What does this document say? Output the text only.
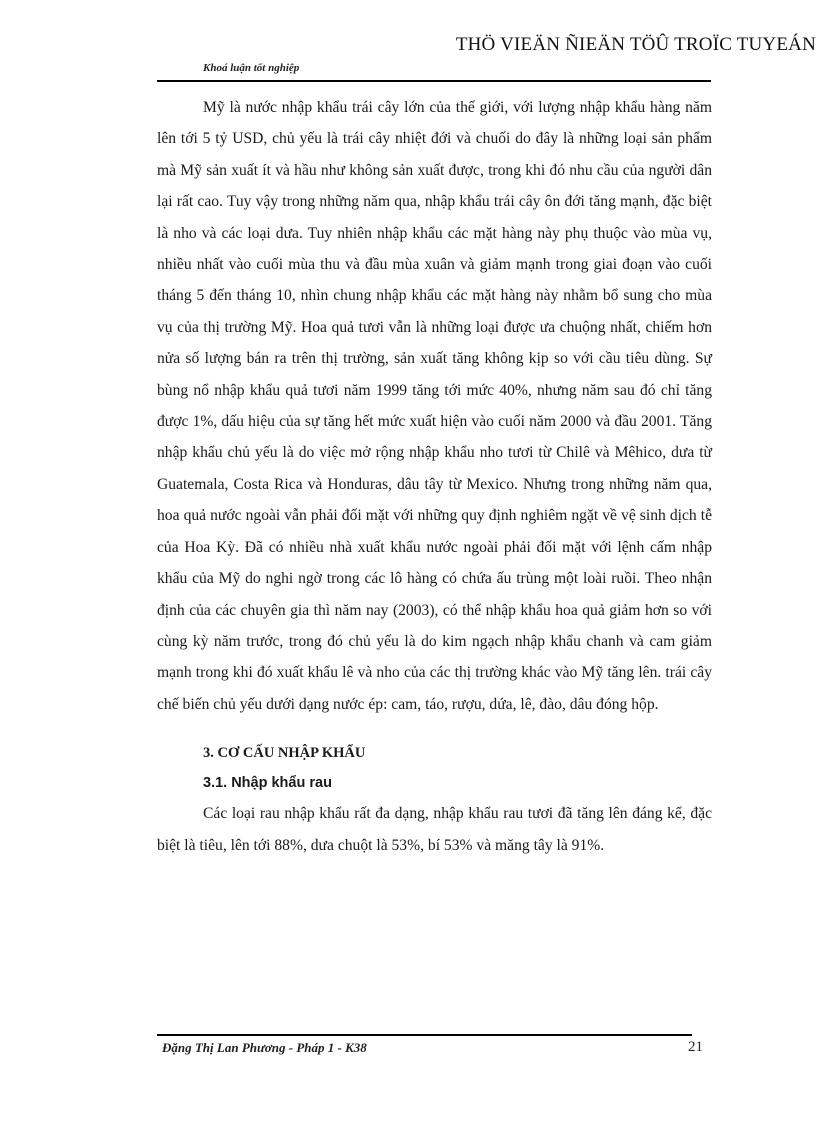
THÖ VIEÄN ÑIEÄN TÖÛ TROÏC TUYEÁN
Khoá luận tốt nghiệp

Mỹ là nước nhập khẩu trái cây lớn của thế giới, với lượng nhập khẩu hàng năm lên tới 5 tỷ USD, chủ yếu là trái cây nhiệt đới và chuối do đây là những loại sản phẩm mà Mỹ sản xuất ít và hầu như không sản xuất được, trong khi đó nhu cầu của người dân lại rất cao. Tuy vậy trong những năm qua, nhập khẩu trái cây ôn đới tăng mạnh, đặc biệt là nho và các loại dưa. Tuy nhiên nhập khẩu các mặt hàng này phụ thuộc vào mùa vụ, nhiều nhất vào cuối mùa thu và đầu mùa xuân và giảm mạnh trong giai đoạn vào cuối tháng 5 đến tháng 10, nhìn chung nhập khẩu các mặt hàng này nhằm bổ sung cho mùa vụ của thị trường Mỹ. Hoa quả tươi vẫn là những loại được ưa chuộng nhất, chiếm hơn nửa số lượng bán ra trên thị trường, sản xuất tăng không kịp so với cầu tiêu dùng. Sự bùng nổ nhập khẩu quả tươi năm 1999 tăng tới mức 40%, nhưng năm sau đó chỉ tăng được 1%, dấu hiệu của sự tăng hết mức xuất hiện vào cuối năm 2000 và đầu 2001. Tăng nhập khẩu chủ yếu là do việc mở rộng nhập khẩu nho tươi từ Chilê và Mêhico, dưa từ Guatemala, Costa Rica và Honduras, dâu tây từ Mexico. Nhưng trong những năm qua, hoa quả nước ngoài vẫn phải đối mặt với những quy định nghiêm ngặt về vệ sinh dịch tễ của Hoa Kỳ. Đã có nhiều nhà xuất khẩu nước ngoài phải đối mặt với lệnh cấm nhập khẩu của Mỹ do nghi ngờ trong các lô hàng có chứa ấu trùng một loài ruồi. Theo nhận định của các chuyên gia thì năm nay (2003), có thể nhập khẩu hoa quả giảm hơn so với cùng kỳ năm trước, trong đó chủ yếu là do kim ngạch nhập khẩu chanh và cam giảm mạnh trong khi đó xuất khẩu lê và nho của các thị trường khác vào Mỹ tăng lên. trái cây chế biến chủ yếu dưới dạng nước ép: cam, táo, rượu, dứa, lê, đào, dâu đóng hộp.

3. CƠ CẤU NHẬP KHẨU
3.1. Nhập khẩu rau

Các loại rau nhập khẩu rất đa dạng, nhập khẩu rau tươi đã tăng lên đáng kể, đặc biệt là tiêu, lên tới 88%, dưa chuột là 53%, bí 53% và măng tây là 91%.

Đặng Thị Lan Phương - Pháp 1 - K38	21
